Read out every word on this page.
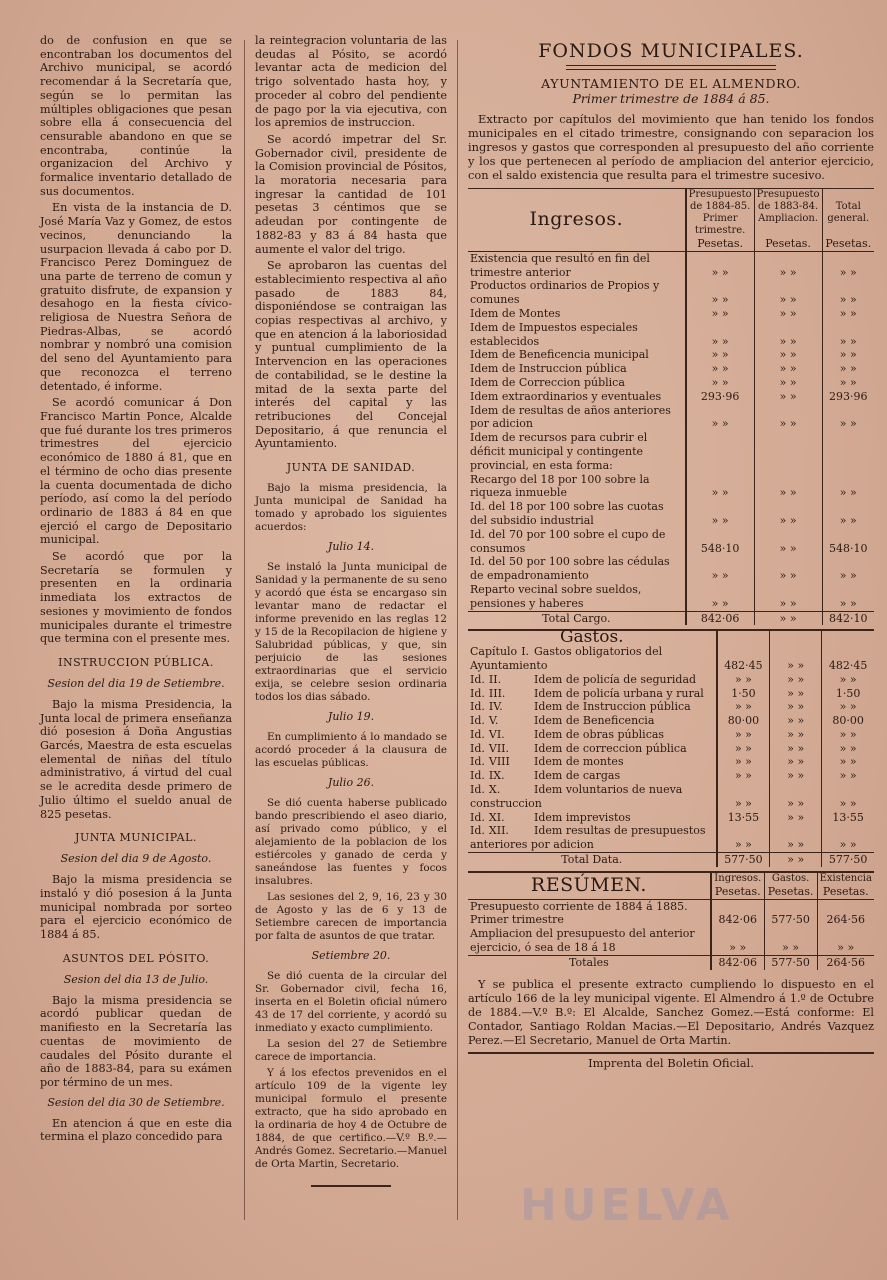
do de confusion en que se encontraban los documentos del Archivo municipal, se acordó recomendar á la Secretaría que, según se lo permitan las múltiples obligaciones que pesan sobre ella á consecuencia del censurable abandono en que se encontraba, continúe la organizacion del Archivo y formalice inventario detallado de sus documentos.

En vista de la instancia de D. José María Vaz y Gomez, de estos vecinos, denunciando la usurpacion llevada á cabo por D. Francisco Perez Dominguez de una parte de terreno de comun y gratuito disfrute, de expansion y desahogo en la fiesta cívico-religiosa de Nuestra Señora de Piedras-Albas, se acordó nombrar y nombró una comision del seno del Ayuntamiento para que reconozca el terreno detentado, é informe.

Se acordó comunicar á Don Francisco Martin Ponce, Alcalde que fué durante los tres primeros trimestres del ejercicio económico de 1880 á 81, que en el término de ocho dias presente la cuenta documentada de dicho período, así como la del período ordinario de 1883 á 84 en que ejerció el cargo de Depositario municipal.

Se acordó que por la Secretaría se formulen y presenten en la ordinaria inmediata los extractos de sesiones y movimiento de fondos municipales durante el trimestre que termina con el presente mes.

INSTRUCCION PÚBLICA.
Sesion del dia 19 de Setiembre.

Bajo la misma Presidencia, la Junta local de primera enseñanza dió posesion á Doña Angustias Garcés, Maestra de esta escuelas elemental de niñas del título administrativo, á virtud del cual se le acredita desde primero de Julio último el sueldo anual de 825 pesetas.

JUNTA MUNICIPAL.
Sesion del dia 9 de Agosto.

Bajo la misma presidencia se instaló y dió posesion á la Junta municipal nombrada por sorteo para el ejercicio económico de 1884 á 85.

ASUNTOS DEL PÓSITO.
Sesion del dia 13 de Julio.

Bajo la misma presidencia se acordó publicar quedan de manifiesto en la Secretaría las cuentas de movimiento de caudales del Pósito durante el año de 1883-84, para su exámen por término de un mes.

Sesion del dia 30 de Setiembre.

En atencion á que en este dia termina el plazo concedido para

la reintegracion voluntaria de las deudas al Pósito, se acordó levantar acta de medicion del trigo solventado hasta hoy, y proceder al cobro del pendiente de pago por la via ejecutiva, con los apremios de instruccion.

Se acordó impetrar del Sr. Gobernador civil, presidente de la Comision provincial de Pósitos, la moratoria necesaria para ingresar la cantidad de 101 pesetas 3 céntimos que se adeudan por contingente de 1882-83 y 83 á 84 hasta que aumente el valor del trigo.

Se aprobaron las cuentas del establecimiento respectiva al año pasado de 1883 84, disponiéndose se contraigan las copias respectivas al archivo, y que en atencion á la laboriosidad y puntual cumplimiento de la Intervencion en las operaciones de contabilidad, se le destine la mitad de la sexta parte del interés del capital y las retribuciones del Concejal Depositario, á que renuncia el Ayuntamiento.

JUNTA DE SANIDAD.

Bajo la misma presidencia, la Junta municipal de Sanidad ha tomado y aprobado los siguientes acuerdos:

Julio 14.

Se instaló la Junta municipal de Sanidad y la permanente de su seno y acordó que ésta se encargaso sin levantar mano de redactar el informe prevenido en las reglas 12 y 15 de la Recopilacion de higiene y Salubridad públicas, y que, sin perjuicio de las sesiones extraordinarias que el servicio exija, se celebre sesion ordinaria todos los dias sábado.

Julio 19.

En cumplimiento á lo mandado se acordó proceder á la clausura de las escuelas públicas.

Julio 26.

Se dió cuenta haberse publicado bando prescribiendo el aseo diario, así privado como público, y el alejamiento de la poblacion de los estiércoles y ganado de cerda y saneándose las fuentes y focos insalubres.

Las sesiones del 2, 9, 16, 23 y 30 de Agosto y las de 6 y 13 de Setiembre carecen de importancia por falta de asuntos de que tratar.

Setiembre 20.

Se dió cuenta de la circular del Sr. Gobernador civil, fecha 16, inserta en el Boletin oficial número 43 de 17 del corriente, y acordó su inmediato y exacto cumplimiento.

La sesion del 27 de Setiembre carece de importancia.

Y á los efectos prevenidos en el artículo 109 de la vigente ley municipal formulo el presente extracto, que ha sido aprobado en la ordinaria de hoy 4 de Octubre de 1884, de que certifico.—V.º B.º.—Andrés Gomez. Secretario.—Manuel de Orta Martin, Secretario.

FONDOS MUNICIPALES.
AYUNTAMIENTO DE EL ALMENDRO.
Primer trimestre de 1884 á 85.

Extracto por capítulos del movimiento que han tenido los fondos municipales en el citado trimestre, consignando con separacion los ingresos y gastos que corresponden al presupuesto del año corriente y los que pertenecen al período de ampliacion del anterior ejercicio, con el saldo existencia que resulta para el trimestre sucesivo.

Ingresos.	Presupuesto de 1884-85. Primer trimestre.	Presupuesto de 1883-84. Ampliacion.	Total general.

	Pesetas.	Pesetas.	Pesetas.
Existencia que resultó en fin del trimestre anterior	» »	» »	» »
Productos ordinarios de Propios y comunes	» »	» »	» »
Idem de Montes	» »	» »	» »
Idem de Impuestos especiales establecidos	» »	» »	» »
Idem de Beneficencia municipal	» »	» »	» »
Idem de Instruccion pública	» »	» »	» »
Idem de Correccion pública	» »	» »	» »
Idem extraordinarios y eventuales	293·96	» »	293·96
Idem de resultas de años anteriores por adicion	» »	» »	» »
Idem de recursos para cubrir el déficit municipal y contingente provincial, en esta forma:			
Recargo del 18 por 100 sobre la riqueza inmueble	» »	» »	» »
Id. del 18 por 100 sobre las cuotas del subsidio industrial	» »	» »	» »
Id. del 70 por 100 sobre el cupo de consumos	548·10	» »	548·10
Id. del 50 por 100 sobre las cédulas de empadronamiento	» »	» »	» »
Reparto vecinal sobre sueldos, pensiones y haberes	» »	» »	» »
Total Cargo.	842·06	» »	842·10
Gastos.			

Capítulo I. Gastos obligatorios del Ayuntamiento	482·45	» »	482·45
Id. II. Idem de policía de seguridad	» »	» »	» »
Id. III. Idem de policía urbana y rural	1·50	» »	1·50
Id. IV. Idem de Instruccion pública	» »	» »	» »
Id. V. Idem de Beneficencia	80·00	» »	80·00
Id. VI. Idem de obras públicas	» »	» »	» »
Id. VII. Idem de correccion pública	» »	» »	» »
Id. VIII Idem de montes	» »	» »	» »
Id. IX. Idem de cargas	» »	» »	» »
Id. X. Idem voluntarios de nueva construccion	» »	» »	» »
Id. XI. Idem imprevistos	13·55	» »	13·55
Id. XII. Idem resultas de presupuestos anteriores por adicion	» »	» »	» »
Total Data.	577·50	» »	577·50
RESÚMEN.	Ingresos.	Gastos.	Existencia

	Pesetas.	Pesetas.	Pesetas.
Presupuesto corriente de 1884 á 1885. Primer trimestre	842·06	577·50	264·56
Ampliacion del presupuesto del anterior ejercicio, ó sea de 18 á 18	» »	» »	» »
Totales	842·06	577·50	264·56

Y se publica el presente extracto cumpliendo lo dispuesto en el artículo 166 de la ley municipal vigente. El Almendro á 1.º de Octubre de 1884.—V.º B.º: El Alcalde, Sanchez Gomez.—Está conforme: El Contador, Santiago Roldan Macias.—El Depositario, Andrés Vazquez Perez.—El Secretario, Manuel de Orta Martin.

Imprenta del Boletin Oficial.
HUELVA
